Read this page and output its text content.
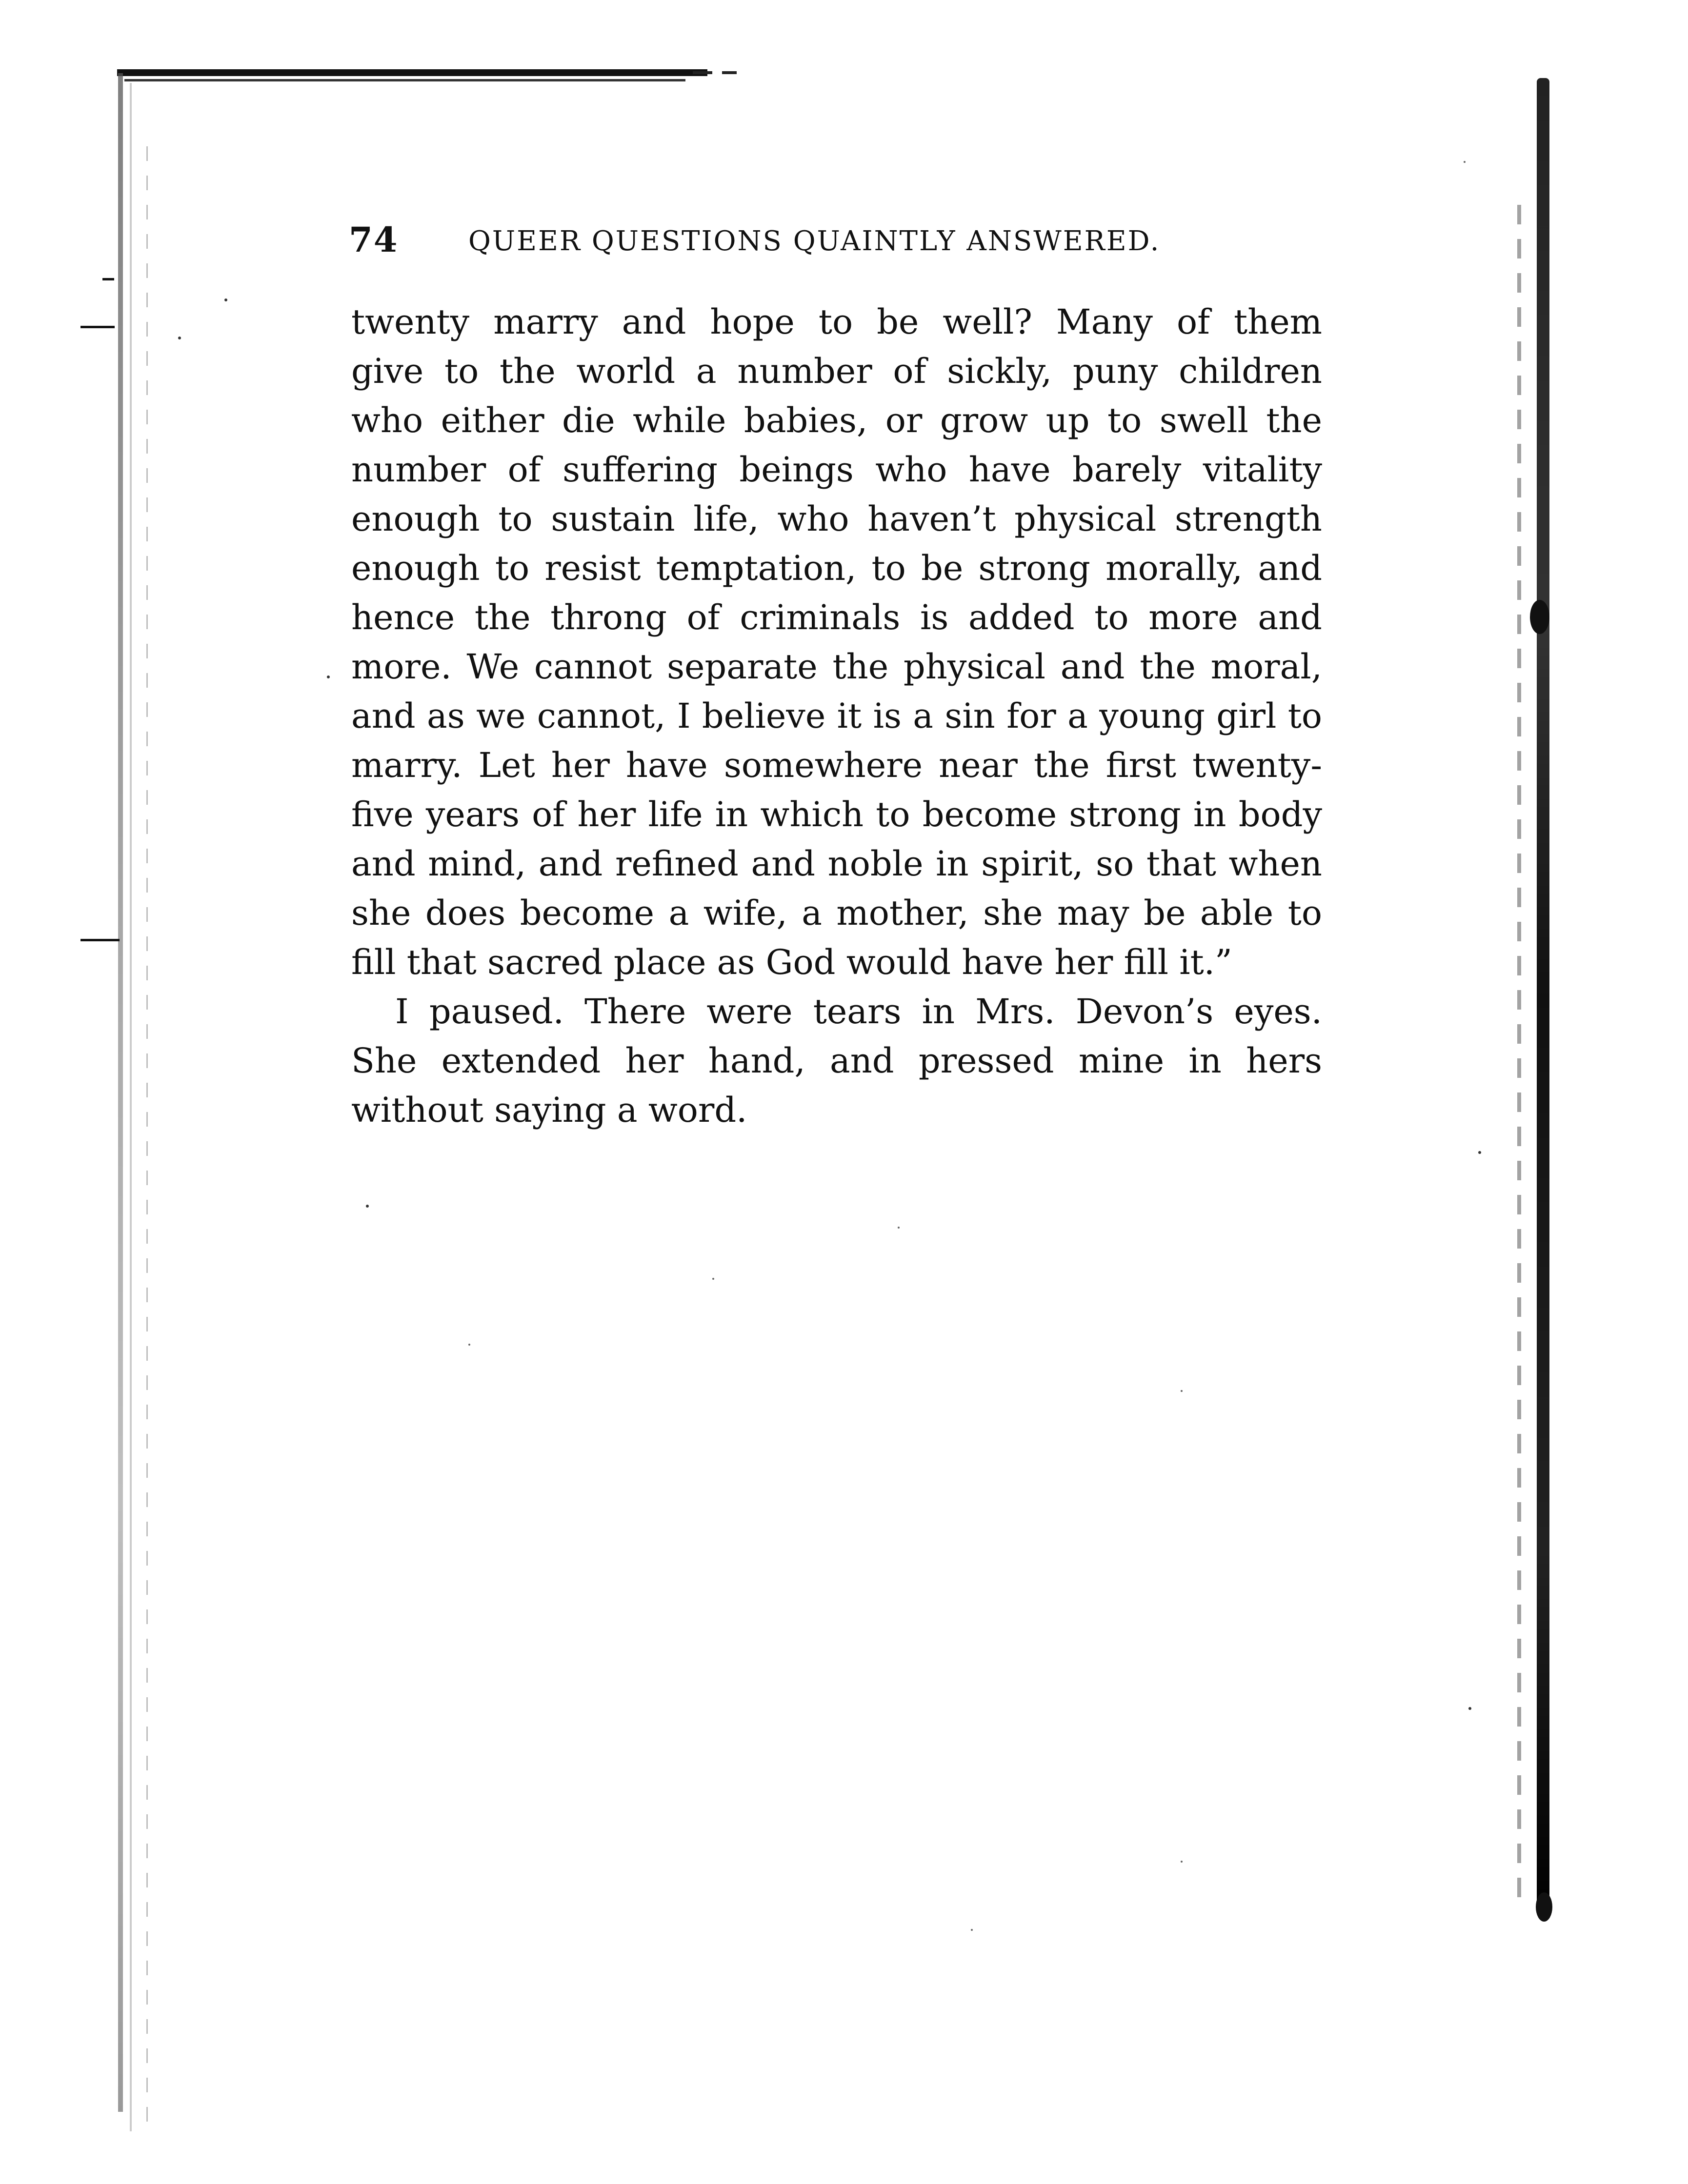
74	QUEER QUESTIONS QUAINTLY ANSWERED.
twenty marry and hope to be well? Many of them
give to the world a number of sickly, puny children
who either die while babies, or grow up to swell the
number of suffering beings who have barely vitality
enough to sustain life, who haven’t physical strength
enough to resist temptation, to be strong morally, and
hence the throng of criminals is added to more and
more. We cannot separate the physical and the moral,
and as we cannot, I believe it is a sin for a young girl to
marry. Let her have somewhere near the first twenty-
five years of her life in which to become strong in body
and mind, and refined and noble in spirit, so that when
she does become a wife, a mother, she may be able to
fill that sacred place as God would have her fill it.”
I paused. There were tears in Mrs. Devon’s eyes.
She extended her hand, and pressed mine in hers
without saying a word.
